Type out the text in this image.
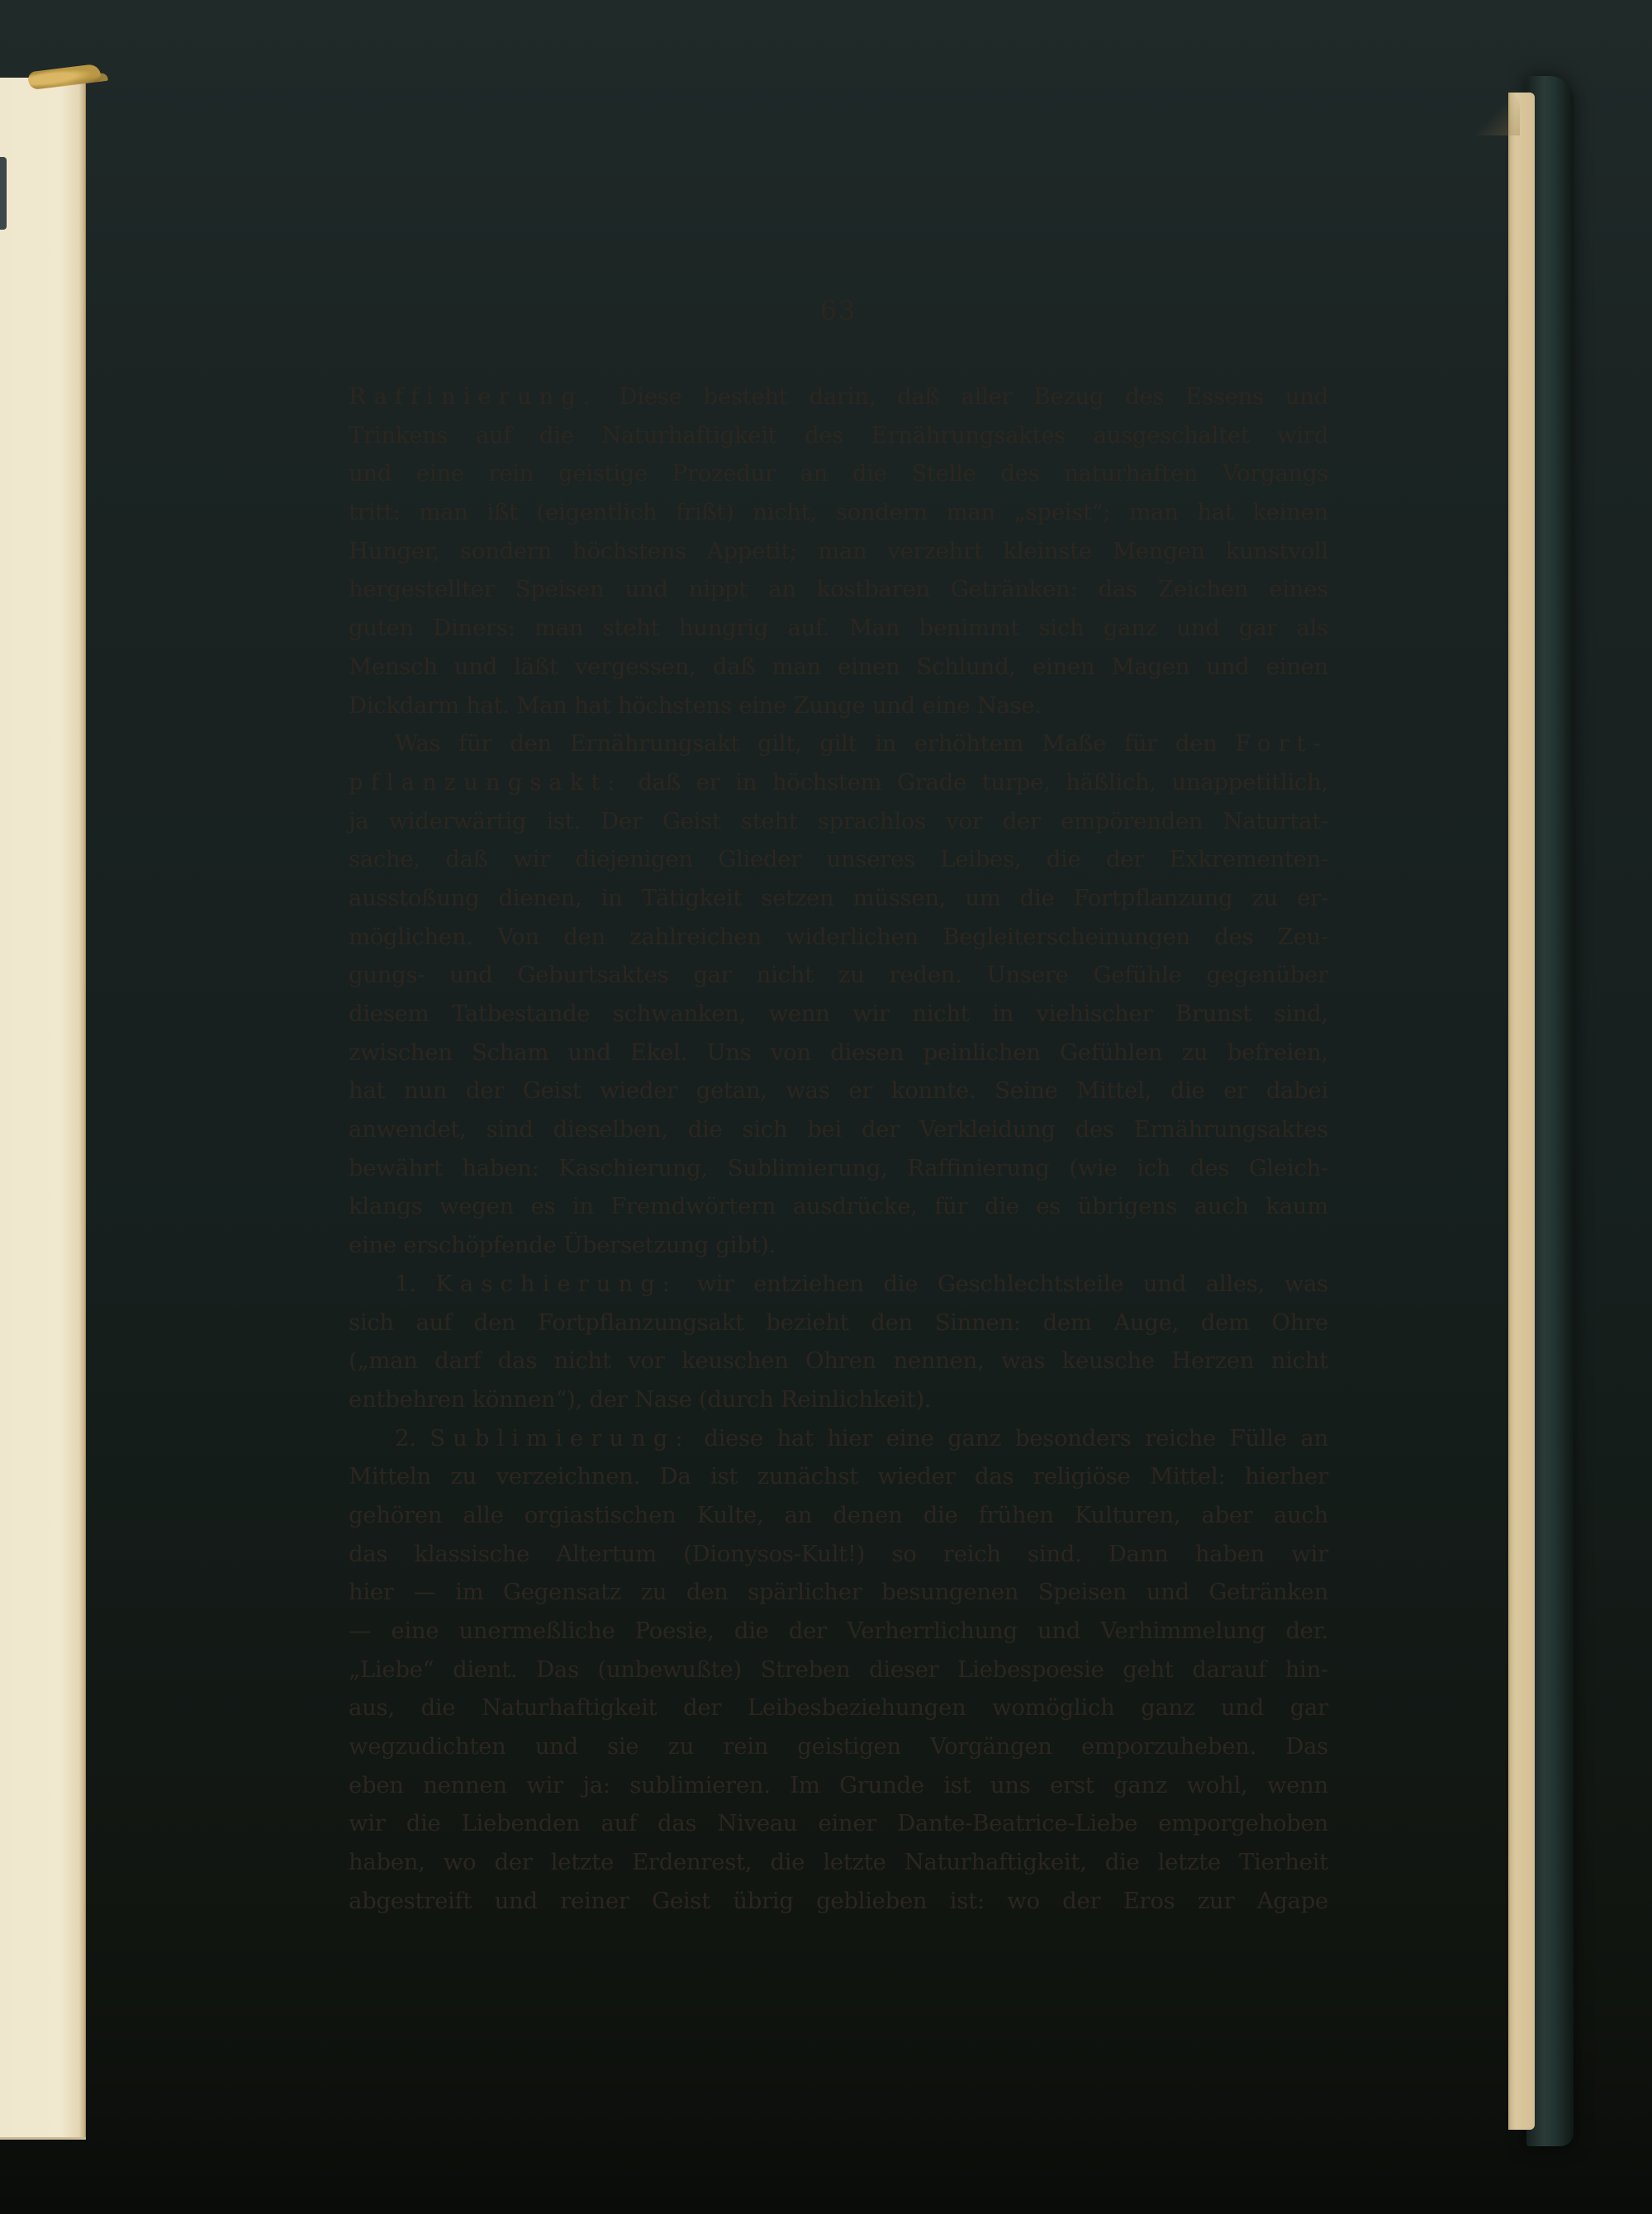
63
Raffinierung. Diese besteht darin, daß aller Bezug des Essens und
Trinkens auf die Naturhaftigkeit des Ernährungsaktes ausgeschaltet wird
und eine rein geistige Prozedur an die Stelle des naturhaften Vorgangs
tritt: man ißt (eigentlich frißt) nicht, sondern man „speist“; man hat keinen
Hunger, sondern höchstens Appetit; man verzehrt kleinste Mengen kunstvoll
hergestellter Speisen und nippt an kostbaren Getränken: das Zeichen eines
guten Diners: man steht hungrig auf. Man benimmt sich ganz und gar als
Mensch und läßt vergessen, daß man einen Schlund, einen Magen und einen
Dickdarm hat. Man hat höchstens eine Zunge und eine Nase.
Was für den Ernährungsakt gilt, gilt in erhöhtem Maße für den Fort-
pflanzungsakt: daß er in höchstem Grade turpe, häßlich, unappetitlich,
ja widerwärtig ist. Der Geist steht sprachlos vor der empörenden Naturtat-
sache, daß wir diejenigen Glieder unseres Leibes, die der Exkrementen-
ausstoßung dienen, in Tätigkeit setzen müssen, um die Fortpflanzung zu er-
möglichen. Von den zahlreichen widerlichen Begleiterscheinungen des Zeu-
gungs- und Geburtsaktes gar nicht zu reden. Unsere Gefühle gegenüber
diesem Tatbestande schwanken, wenn wir nicht in viehischer Brunst sind,
zwischen Scham und Ekel. Uns von diesen peinlichen Gefühlen zu befreien,
hat nun der Geist wieder getan, was er konnte. Seine Mittel, die er dabei
anwendet, sind dieselben, die sich bei der Verkleidung des Ernährungsaktes
bewährt haben: Kaschierung, Sublimierung, Raffinierung (wie ich des Gleich-
klangs wegen es in Fremdwörtern ausdrücke, für die es übrigens auch kaum
eine erschöpfende Übersetzung gibt).
1. Kaschierung: wir entziehen die Geschlechtsteile und alles, was
sich auf den Fortpflanzungsakt bezieht den Sinnen: dem Auge, dem Ohre
(„man darf das nicht vor keuschen Ohren nennen, was keusche Herzen nicht
entbehren können“), der Nase (durch Reinlichkeit).
2. Sublimierung: diese hat hier eine ganz besonders reiche Fülle an
Mitteln zu verzeichnen. Da ist zunächst wieder das religiöse Mittel: hierher
gehören alle orgiastischen Kulte, an denen die frühen Kulturen, aber auch
das klassische Altertum (Dionysos-Kult!) so reich sind. Dann haben wir
hier — im Gegensatz zu den spärlicher besungenen Speisen und Getränken
— eine unermeßliche Poesie, die der Verherrlichung und Verhimmelung der.
„Liebe“ dient. Das (unbewußte) Streben dieser Liebespoesie geht darauf hin-
aus, die Naturhaftigkeit der Leibesbeziehungen womöglich ganz und gar
wegzudichten und sie zu rein geistigen Vorgängen emporzuheben. Das
eben nennen wir ja: sublimieren. Im Grunde ist uns erst ganz wohl, wenn
wir die Liebenden auf das Niveau einer Dante-Beatrice-Liebe emporgehoben
haben, wo der letzte Erdenrest, die letzte Naturhaftigkeit, die letzte Tierheit
abgestreift und reiner Geist übrig geblieben ist: wo der Eros zur Agape
